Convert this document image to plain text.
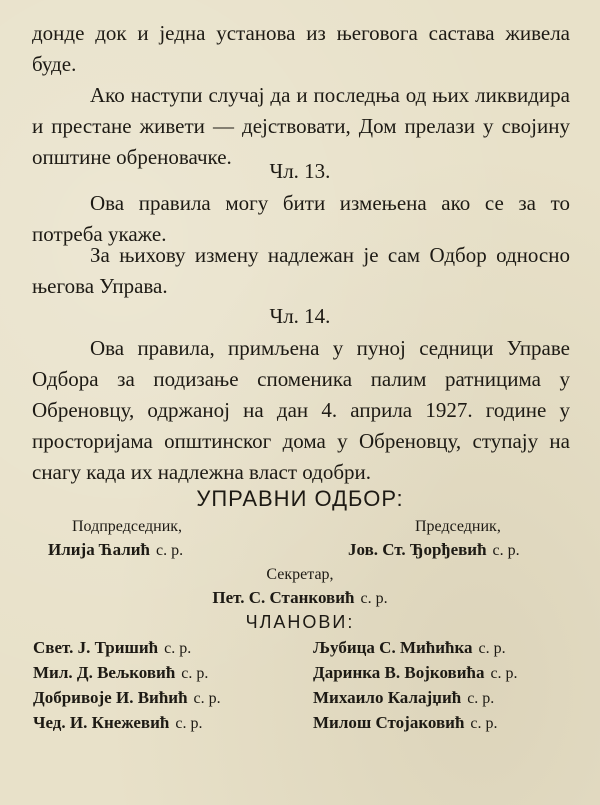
донде док и једна установа из његовога састава живела буде.

Ако наступи случај да и последња од њих ликвидира и престане живети — дејствовати, Дом прелази у својину општине обреновачке.

Чл. 13.

Ова правила могу бити измењена ако се за то потреба укаже.

За њихову измену надлежан је сам Одбор односно његова Управа.

Чл. 14.

Ова правила, примљена у пуној седници Управе Одбора за подизање споменика палим ратницима у Обреновцу, одржаној на дан 4. априла 1927. године у просторијама општинског дома у Обреновцу, ступају на снагу када их надлежна власт одобри.

УПРАВНИ ОДБОР:

Подпредседник,

Илија Ћалић с. р.

Председник,

Јов. Ст. Ђорђевић с. р.

Секретар,

Пет. С. Станковић с. р.

ЧЛАНОВИ:

Свет. Ј. Тришић с. р.
Мил. Д. Вељковић с. р.
Добривоје И. Вићић с. р.
Чед. И. Кнежевић с. р.
Љубица С. Мићићка с. р.
Даринка В. Војковића с. р.
Михаило Калајџић с. р.
Милош Стојаковић с. р.
